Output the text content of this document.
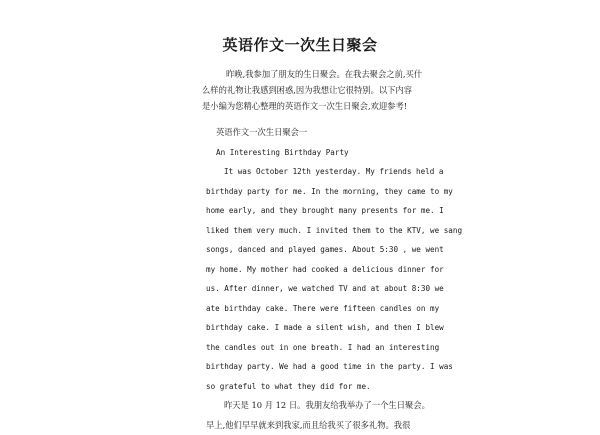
英语作文一次生日聚会
昨晚,我参加了朋友的生日聚会。在我去聚会之前,买什
么样的礼物让我感到困惑,因为我想让它很特别。以下内容
是小编为您精心整理的英语作文一次生日聚会,欢迎参考!
英语作文一次生日聚会一
An Interesting Birthday Party
It was October 12th yesterday. My friends held a
birthday party for me. In the morning, they came to my
home early, and they brought many presents for me. I
liked them very much. I invited them to the KTV, we sang
songs, danced and played games. About 5:30 , we went
my home. My mother had cooked a delicious dinner for
us. After dinner, we watched TV and at about 8:30 we
ate birthday cake. There were fifteen candles on my
birthday cake. I made a silent wish, and then I blew
the candles out in one breath. I had an interesting
birthday party. We had a good time in the party. I was
so grateful to what they did for me.
昨天是 10 月 12 日。我朋友给我举办了一个生日聚会。
早上,他们早早就来到我家,而且给我买了很多礼物。我很
